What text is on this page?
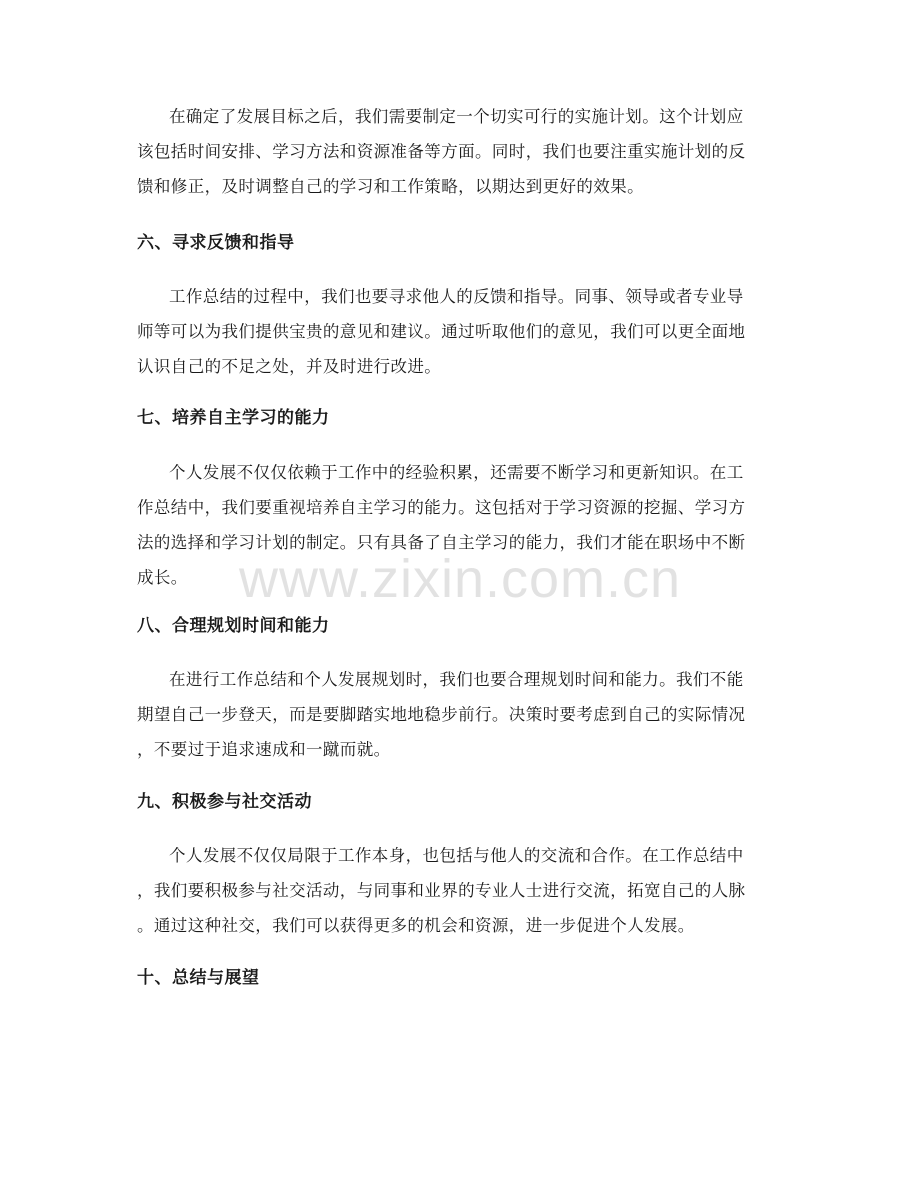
在确定了发展目标之后，我们需要制定一个切实可行的实施计划。这个计划应
该包括时间安排、学习方法和资源准备等方面。同时，我们也要注重实施计划的反
馈和修正，及时调整自己的学习和工作策略，以期达到更好的效果。

六、寻求反馈和指导

工作总结的过程中，我们也要寻求他人的反馈和指导。同事、领导或者专业导
师等可以为我们提供宝贵的意见和建议。通过听取他们的意见，我们可以更全面地
认识自己的不足之处，并及时进行改进。

七、培养自主学习的能力

个人发展不仅仅依赖于工作中的经验积累，还需要不断学习和更新知识。在工
作总结中，我们要重视培养自主学习的能力。这包括对于学习资源的挖掘、学习方
法的选择和学习计划的制定。只有具备了自主学习的能力，我们才能在职场中不断
成长。

八、合理规划时间和能力

在进行工作总结和个人发展规划时，我们也要合理规划时间和能力。我们不能
期望自己一步登天，而是要脚踏实地地稳步前行。决策时要考虑到自己的实际情况
，不要过于追求速成和一蹴而就。

九、积极参与社交活动

个人发展不仅仅局限于工作本身，也包括与他人的交流和合作。在工作总结中
，我们要积极参与社交活动，与同事和业界的专业人士进行交流，拓宽自己的人脉
。通过这种社交，我们可以获得更多的机会和资源，进一步促进个人发展。

十、总结与展望
www.zixin.com.cn
